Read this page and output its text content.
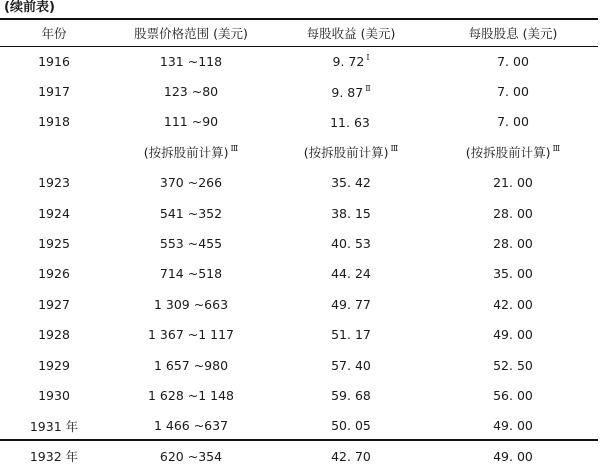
(续前表)
年份	股票价格范围 (美元)	每股收益 (美元)	每股股息 (美元)
1916	131 ~118	9. 72 $^I$	7. 00
1917	123 ~80	9. 87 $^Ⅱ$	7. 00
1918	111 ~90	11. 63	7. 00
	(按拆股前计算) $^Ⅲ$	(按拆股前计算) $^Ⅲ$	(按拆股前计算) $^Ⅲ$
1923	370 ~266	35. 42	21. 00
1924	541 ~352	38. 15	28. 00
1925	553 ~455	40. 53	28. 00
1926	714 ~518	44. 24	35. 00
1927	1 309 ~663	49. 77	42. 00
1928	1 367 ~1 117	51. 17	49. 00
1929	1 657 ~980	57. 40	52. 50
1930	1 628 ~1 148	59. 68	56. 00
1931 年	1 466 ~637	50. 05	49. 00
1932 年	620 ~354	42. 70	49. 00
